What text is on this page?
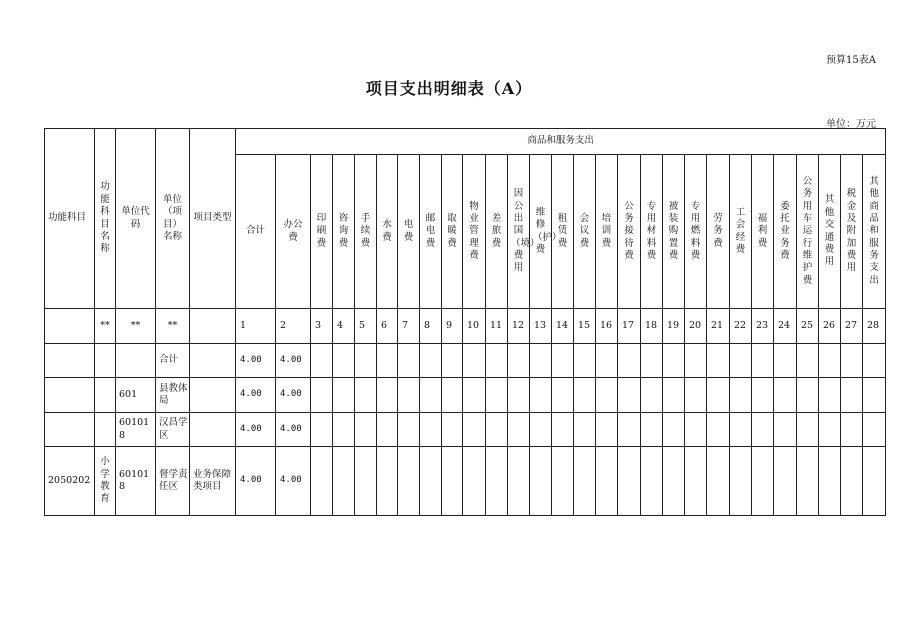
预算15表A
项目支出明细表（A）
单位：万元
功能科目	功能科目名称	单位代码	单位（项目）名称	项目类型	商品和服务支出																											
					合计	办公费	印刷费	咨询费	手续费	水费	电费	邮电费	取暖费	物业管理费	差旅费	因公出国（境）费用	维修（护）费	租赁费	会议费	培训费	公务接待费	专用材料费	被装购置费	专用燃料费	劳务费	工会经费	福利费	委托业务费	公务用车运行维护费	其他交通费用	税金及附加费用	其他商品和服务支出
	**	**	**		1	2	3	4	5	6	7	8	9	10	11	12	13	14	15	16	17	18	19	20	21	22	23	24	25	26	27	28
			合计		4.00	4.00																										
		601	县教体局		4.00	4.00																										
		601018	汉昌学区		4.00	4.00																										
2050202	小学教育	601018	督学责任区	业务保障类项目	4.00	4.00																										
